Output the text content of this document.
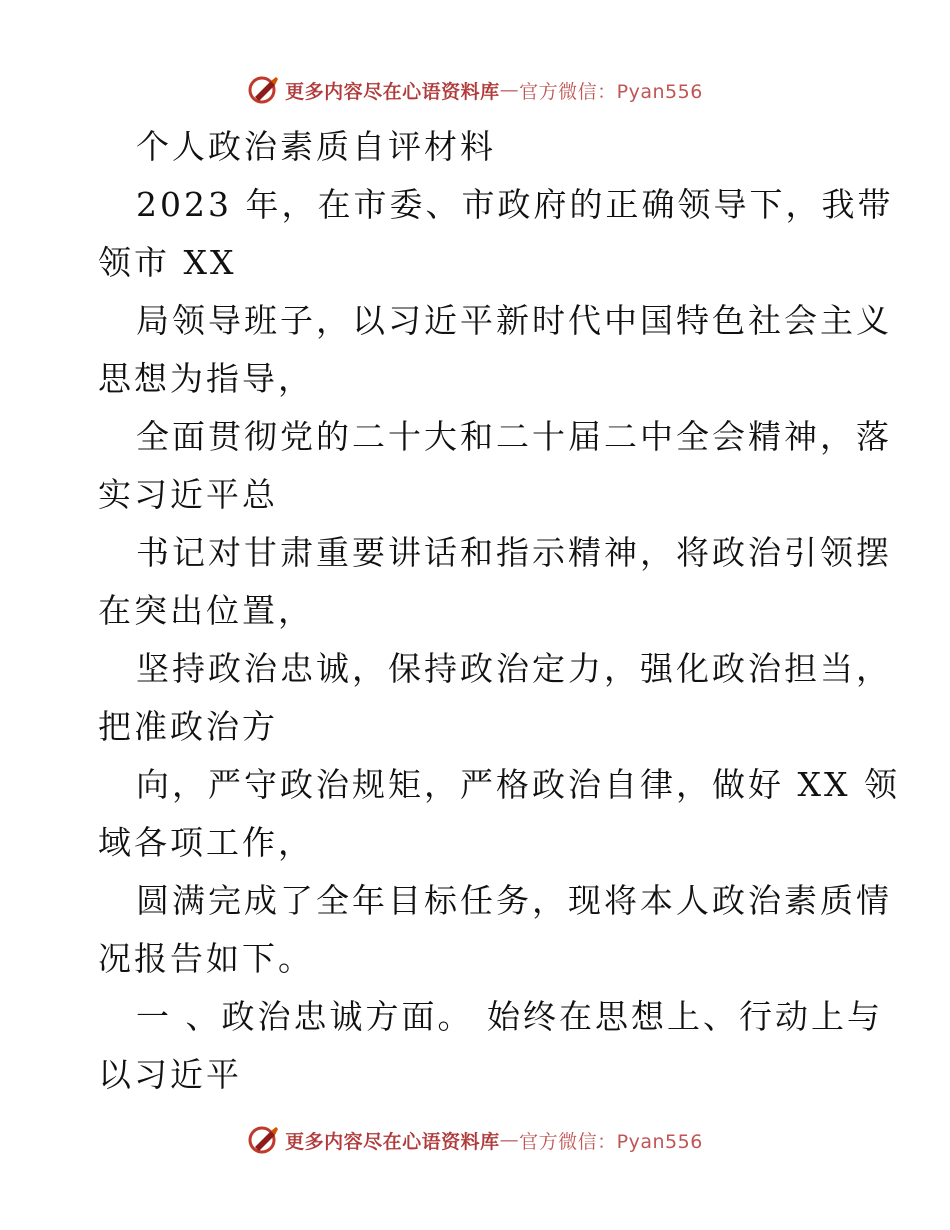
更多内容尽在心语资料库 — 官方微信：Pyan556
个人政治素质自评材料
2023 年，在市委、市政府的正确领导下，我带
领市 XX
局领导班子，以习近平新时代中国特色社会主义
思想为指导，
全面贯彻党的二十大和二十届二中全会精神，落
实习近平总
书记对甘肃重要讲话和指示精神，将政治引领摆
在突出位置，
坚持政治忠诚，保持政治定力，强化政治担当，
把准政治方
向，严守政治规矩，严格政治自律，做好 XX 领
域各项工作，
圆满完成了全年目标任务，现将本人政治素质情
况报告如下。
一 、政治忠诚方面。 始终在思想上、行动上与
以习近平
更多内容尽在心语资料库 — 官方微信：Pyan556
